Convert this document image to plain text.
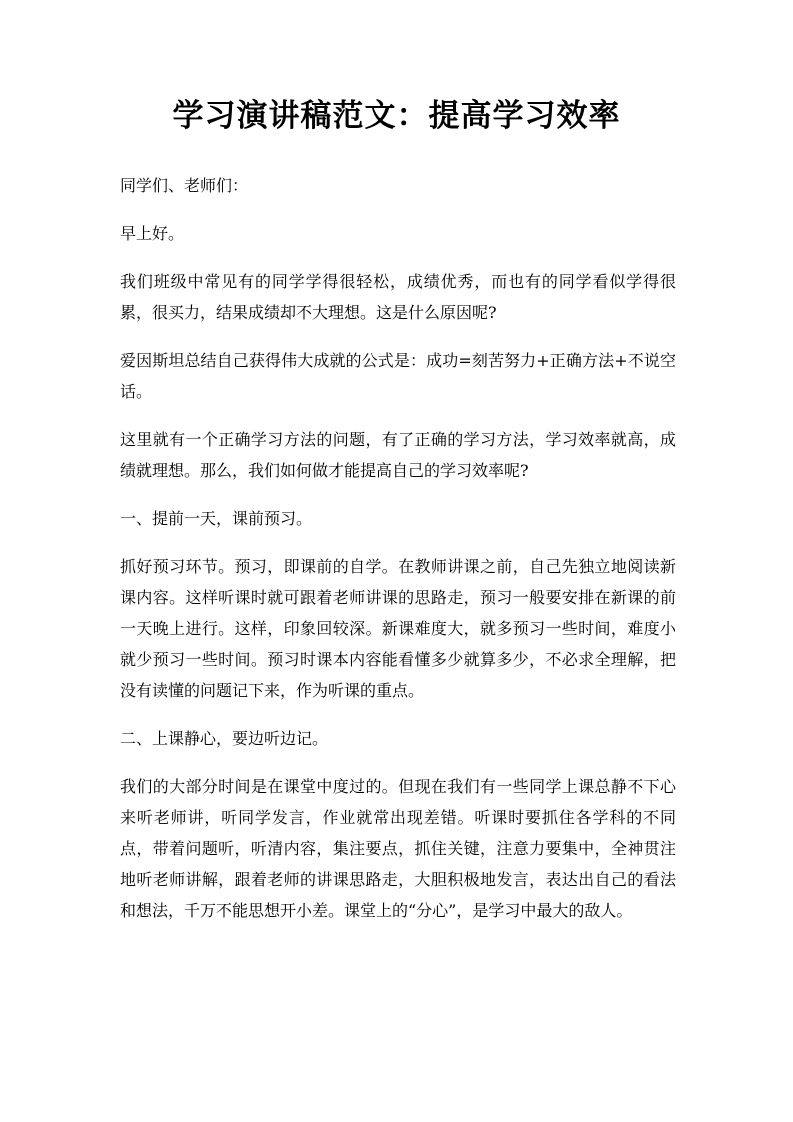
学习演讲稿范文：提高学习效率

同学们、老师们：

早上好。

我们班级中常见有的同学学得很轻松，成绩优秀，而也有的同学看似学得很累，很买力，结果成绩却不大理想。这是什么原因呢?

爱因斯坦总结自己获得伟大成就的公式是：成功=刻苦努力+正确方法+不说空话。

这里就有一个正确学习方法的问题，有了正确的学习方法，学习效率就高，成绩就理想。那么，我们如何做才能提高自己的学习效率呢?

一、提前一天，课前预习。

抓好预习环节。预习，即课前的自学。在教师讲课之前，自己先独立地阅读新课内容。这样听课时就可跟着老师讲课的思路走，预习一般要安排在新课的前一天晚上进行。这样，印象回较深。新课难度大，就多预习一些时间，难度小就少预习一些时间。预习时课本内容能看懂多少就算多少，不必求全理解，把没有读懂的问题记下来，作为听课的重点。

二、上课静心，要边听边记。

我们的大部分时间是在课堂中度过的。但现在我们有一些同学上课总静不下心来听老师讲，听同学发言，作业就常出现差错。听课时要抓住各学科的不同点，带着问题听，听清内容，集注要点，抓住关键，注意力要集中，全神贯注地听老师讲解，跟着老师的讲课思路走，大胆积极地发言，表达出自己的看法和想法，千万不能思想开小差。课堂上的“分心”，是学习中最大的敌人。
